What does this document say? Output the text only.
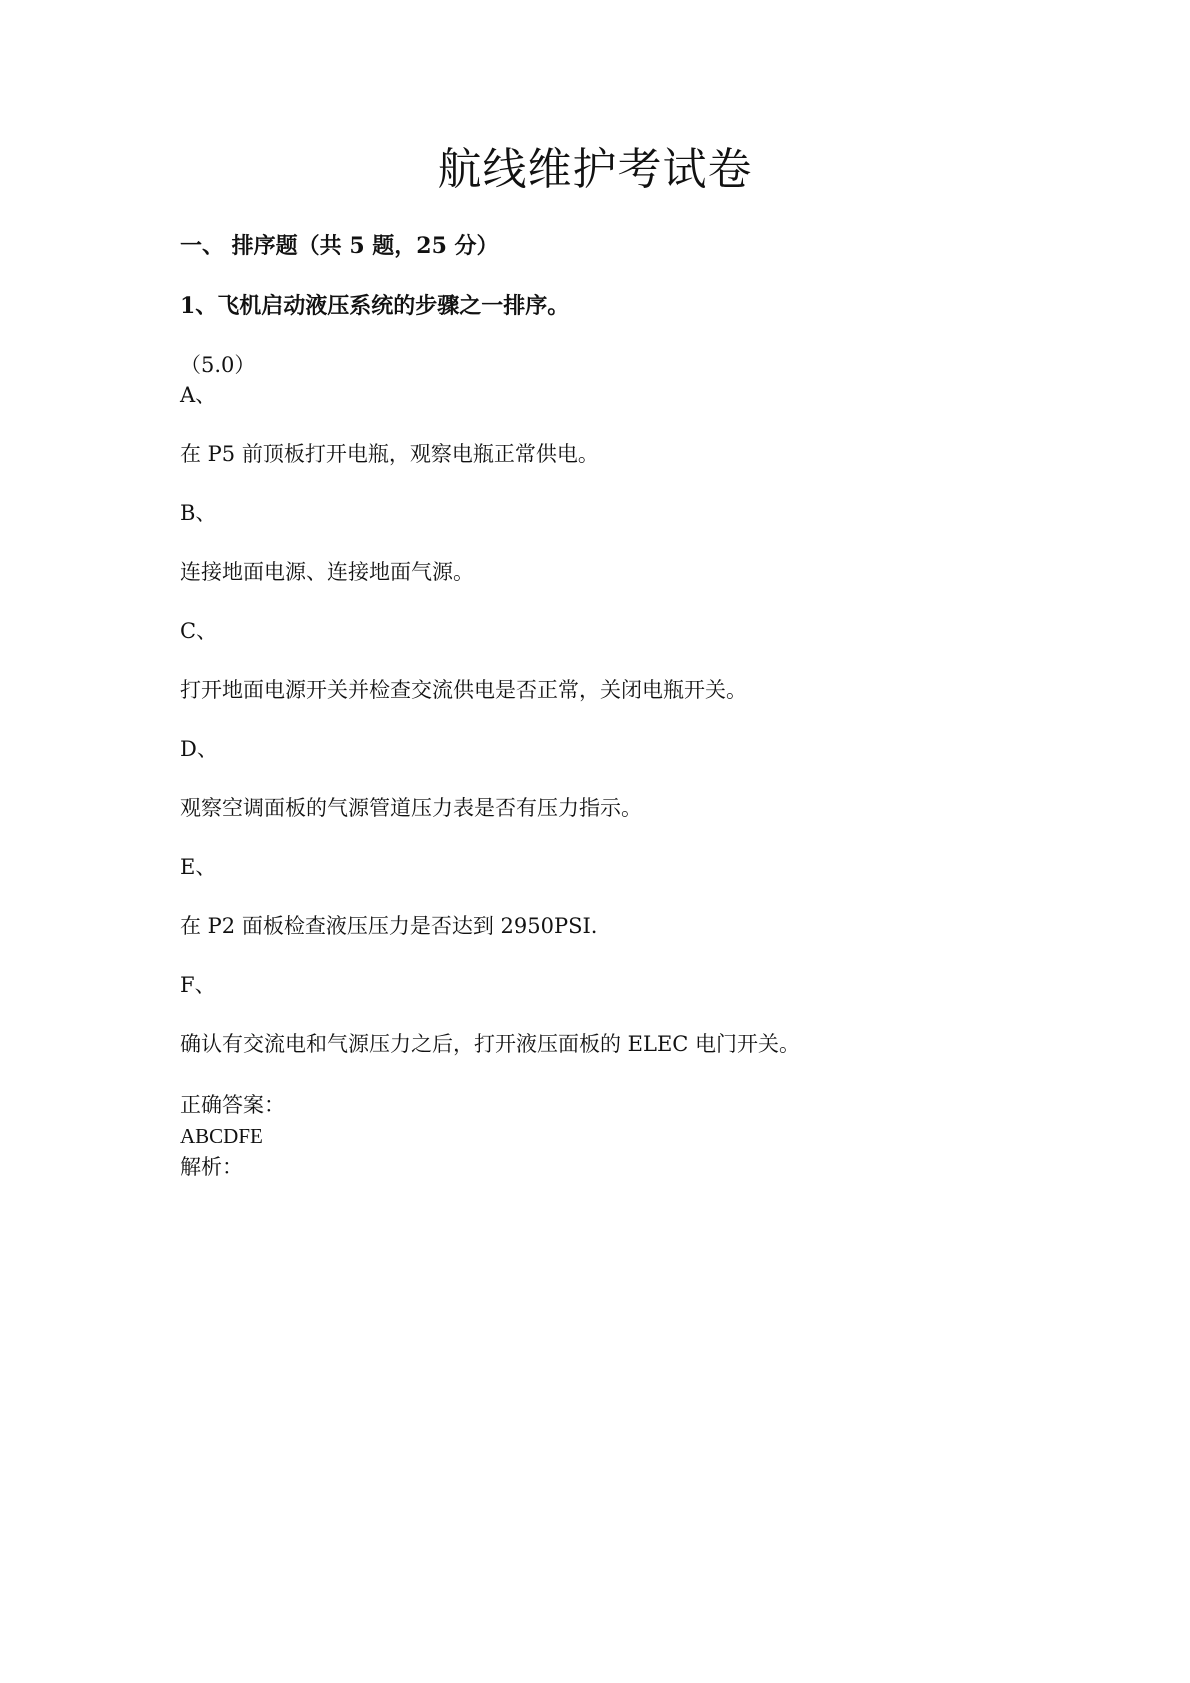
航线维护考试卷
一、 排序题（共 5 题，25 分）
1、飞机启动液压系统的步骤之一排序。
（5.0）
A、
在 P5 前顶板打开电瓶，观察电瓶正常供电。
B、
连接地面电源、连接地面气源。
C、
打开地面电源开关并检查交流供电是否正常，关闭电瓶开关。
D、
观察空调面板的气源管道压力表是否有压力指示。
E、
在 P2 面板检查液压压力是否达到 2950PSI.
F、
确认有交流电和气源压力之后，打开液压面板的 ELEC 电门开关。
正确答案：
ABCDFE
解析：
